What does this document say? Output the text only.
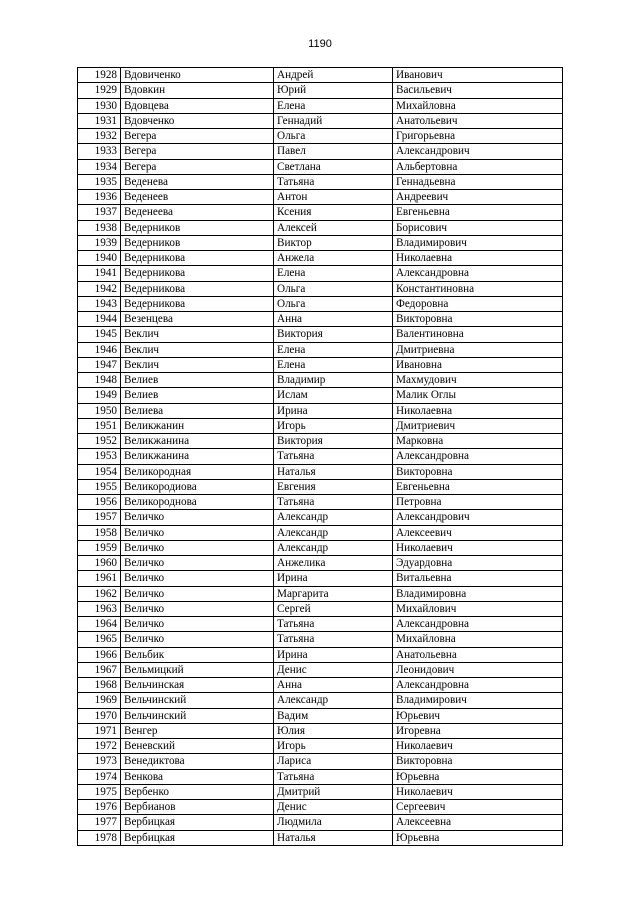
1190
1928	Вдовиченко	Андрей	Иванович
1929	Вдовкин	Юрий	Васильевич
1930	Вдовцева	Елена	Михайловна
1931	Вдовченко	Геннадий	Анатольевич
1932	Вегера	Ольга	Григорьевна
1933	Вегера	Павел	Александрович
1934	Вегера	Светлана	Альбертовна
1935	Веденева	Татьяна	Геннадьевна
1936	Веденеев	Антон	Андреевич
1937	Веденеева	Ксения	Евгеньевна
1938	Ведерников	Алексей	Борисович
1939	Ведерников	Виктор	Владимирович
1940	Ведерникова	Анжела	Николаевна
1941	Ведерникова	Елена	Александровна
1942	Ведерникова	Ольга	Константиновна
1943	Ведерникова	Ольга	Федоровна
1944	Везенцева	Анна	Викторовна
1945	Веклич	Виктория	Валентиновна
1946	Веклич	Елена	Дмитриевна
1947	Веклич	Елена	Ивановна
1948	Велиев	Владимир	Махмудович
1949	Велиев	Ислам	Малик Оглы
1950	Велиева	Ирина	Николаевна
1951	Великжанин	Игорь	Дмитриевич
1952	Великжанина	Виктория	Марковна
1953	Великжанина	Татьяна	Александровна
1954	Великородная	Наталья	Викторовна
1955	Великородиова	Евгения	Евгеньевна
1956	Великороднова	Татьяна	Петровна
1957	Величко	Александр	Александрович
1958	Величко	Александр	Алексеевич
1959	Величко	Александр	Николаевич
1960	Величко	Анжелика	Эдуардовна
1961	Величко	Ирина	Витальевна
1962	Величко	Маргарита	Владимировна
1963	Величко	Сергей	Михайлович
1964	Величко	Татьяна	Александровна
1965	Величко	Татьяна	Михайловна
1966	Вельбик	Ирина	Анатольевна
1967	Вельмицкий	Денис	Леонидович
1968	Вельчинская	Анна	Александровна
1969	Вельчинский	Александр	Владимирович
1970	Вельчинский	Вадим	Юрьевич
1971	Венгер	Юлия	Игоревна
1972	Веневский	Игорь	Николаевич
1973	Венедиктова	Лариса	Викторовна
1974	Венкова	Татьяна	Юрьевна
1975	Вербенко	Дмитрий	Николаевич
1976	Вербианов	Денис	Сергеевич
1977	Вербицкая	Людмила	Алексеевна
1978	Вербицкая	Наталья	Юрьевна
